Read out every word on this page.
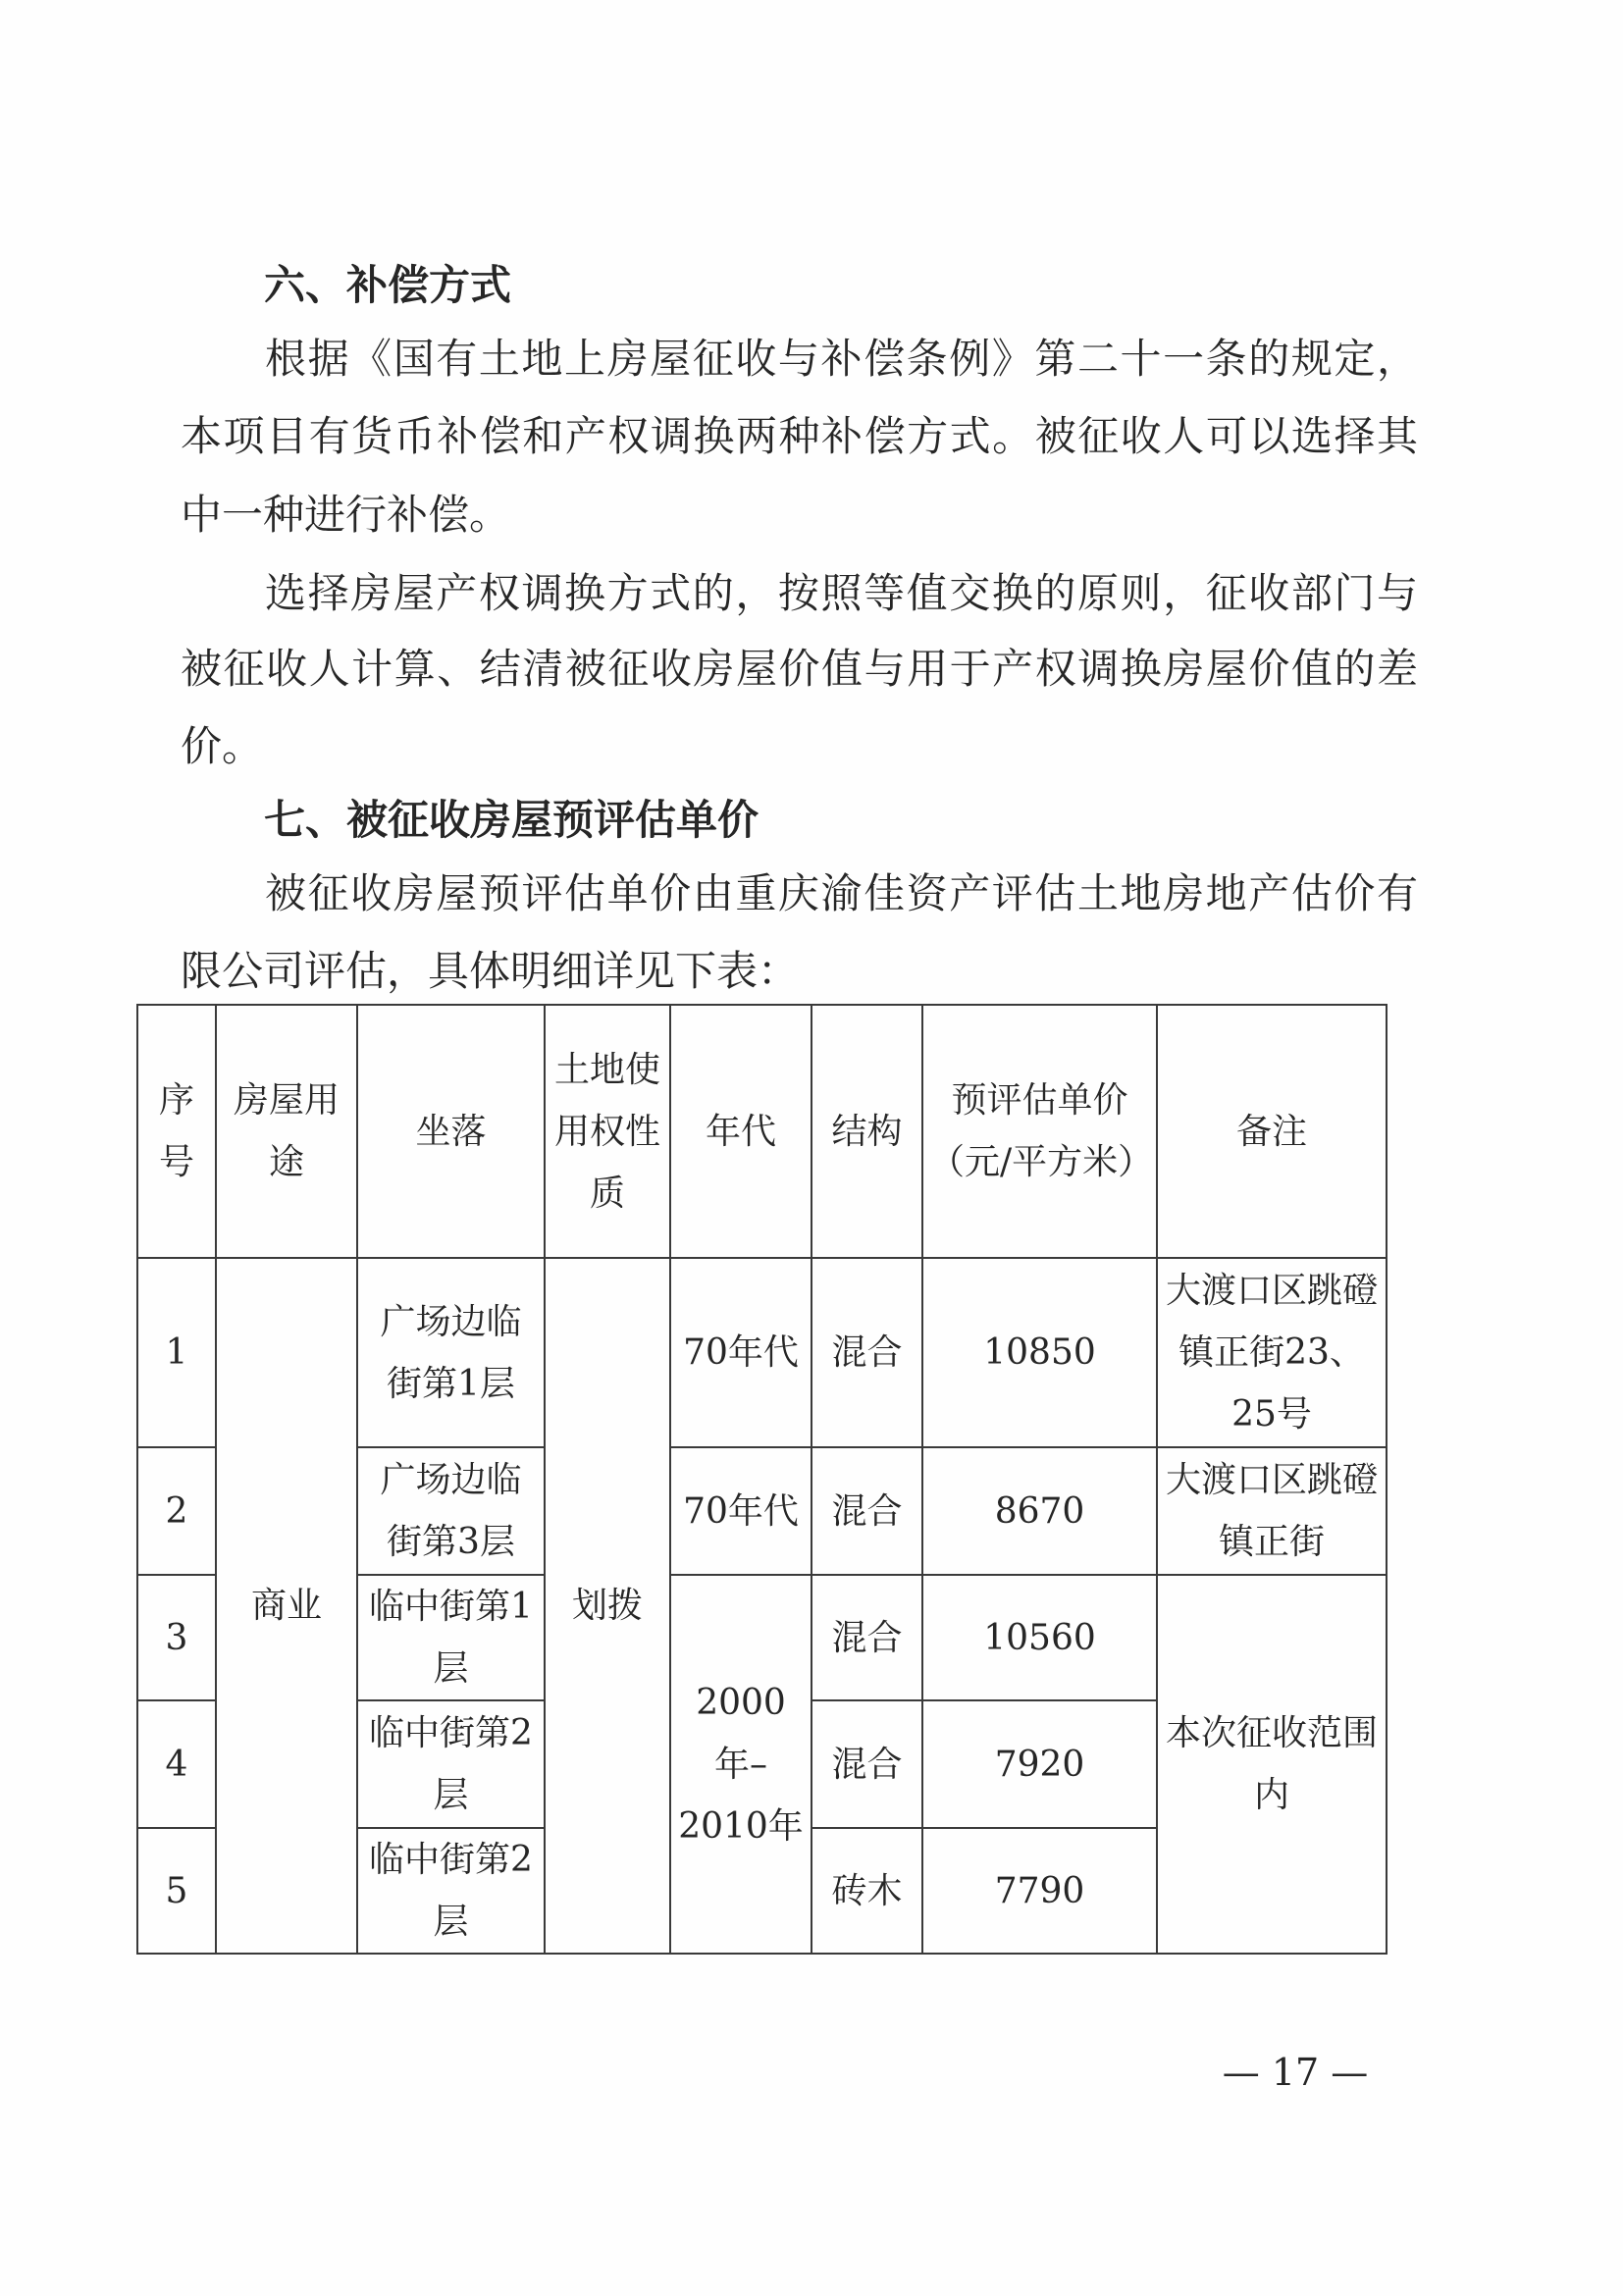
六、补偿方式
根据《国有土地上房屋征收与补偿条例》第二十一条的规定，
本项目有货币补偿和产权调换两种补偿方式。被征收人可以选择其
中一种进行补偿。
选择房屋产权调换方式的，按照等值交换的原则，征收部门与
被征收人计算、结清被征收房屋价值与用于产权调换房屋价值的差
价。
七、被征收房屋预评估单价
被征收房屋预评估单价由重庆渝佳资产评估土地房地产估价有
限公司评估，具体明细详见下表：
序号	房屋用途	坐落	土地使用权性质	年代	结构	预评估单价（元/平方米）	备注
1	商业	广场边临街第1层	划拨	70年代	混合	10850	大渡口区跳磴镇正街23、25号
2		广场边临街第3层		70年代	混合	8670	大渡口区跳磴镇正街
3		临中街第1层		2000年–2010年	混合	10560	本次征收范围内
4		临中街第2层			混合	7920	
5		临中街第2层			砖木	7790	
— 17 —
